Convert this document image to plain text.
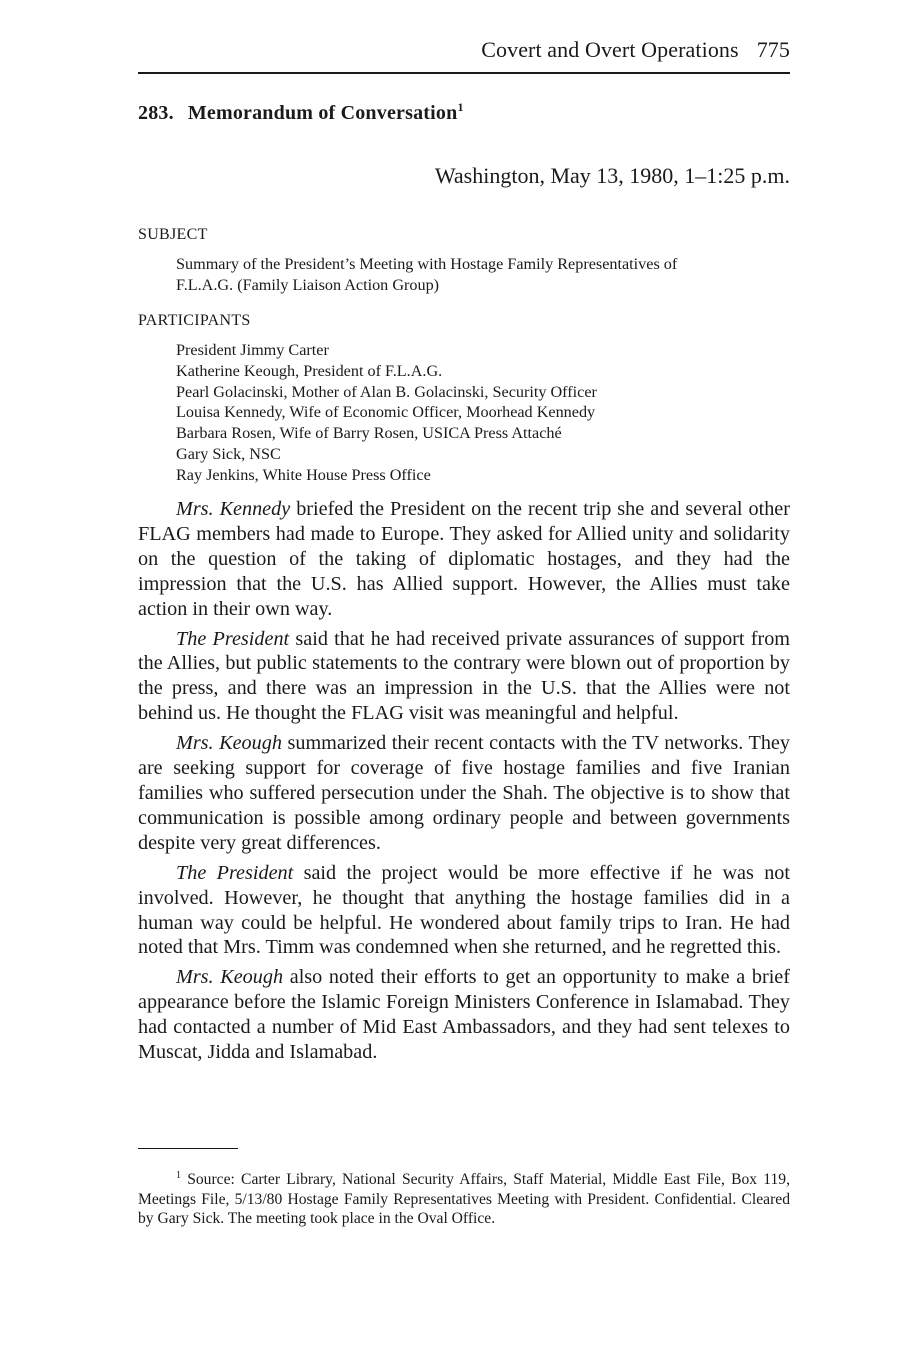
Covert and Overt Operations 775
283. Memorandum of Conversation$^1$
Washington, May 13, 1980, 1–1:25 p.m.
SUBJECT
Summary of the President’s Meeting with Hostage Family Representatives of
F.L.A.G. (Family Liaison Action Group)
PARTICIPANTS
President Jimmy Carter
Katherine Keough, President of F.L.A.G.
Pearl Golacinski, Mother of Alan B. Golacinski, Security Officer
Louisa Kennedy, Wife of Economic Officer, Moorhead Kennedy
Barbara Rosen, Wife of Barry Rosen, USICA Press Attaché
Gary Sick, NSC
Ray Jenkins, White House Press Office

Mrs. Kennedy briefed the President on the recent trip she and several other FLAG members had made to Europe. They asked for Allied unity and solidarity on the question of the taking of diplomatic hostages, and they had the impression that the U.S. has Allied support. However, the Allies must take action in their own way.

The President said that he had received private assurances of support from the Allies, but public statements to the contrary were blown out of proportion by the press, and there was an impression in the U.S. that the Allies were not behind us. He thought the FLAG visit was meaningful and helpful.

Mrs. Keough summarized their recent contacts with the TV networks. They are seeking support for coverage of five hostage families and five Iranian families who suffered persecution under the Shah. The objective is to show that communication is possible among ordinary people and between governments despite very great differences.

The President said the project would be more effective if he was not involved. However, he thought that anything the hostage families did in a human way could be helpful. He wondered about family trips to Iran. He had noted that Mrs. Timm was condemned when she returned, and he regretted this.

Mrs. Keough also noted their efforts to get an opportunity to make a brief appearance before the Islamic Foreign Ministers Conference in Islamabad. They had contacted a number of Mid East Ambassadors, and they had sent telexes to Muscat, Jidda and Islamabad.

$^1$ Source: Carter Library, National Security Affairs, Staff Material, Middle East File, Box 119, Meetings File, 5/13/80 Hostage Family Representatives Meeting with President. Confidential. Cleared by Gary Sick. The meeting took place in the Oval Office.
